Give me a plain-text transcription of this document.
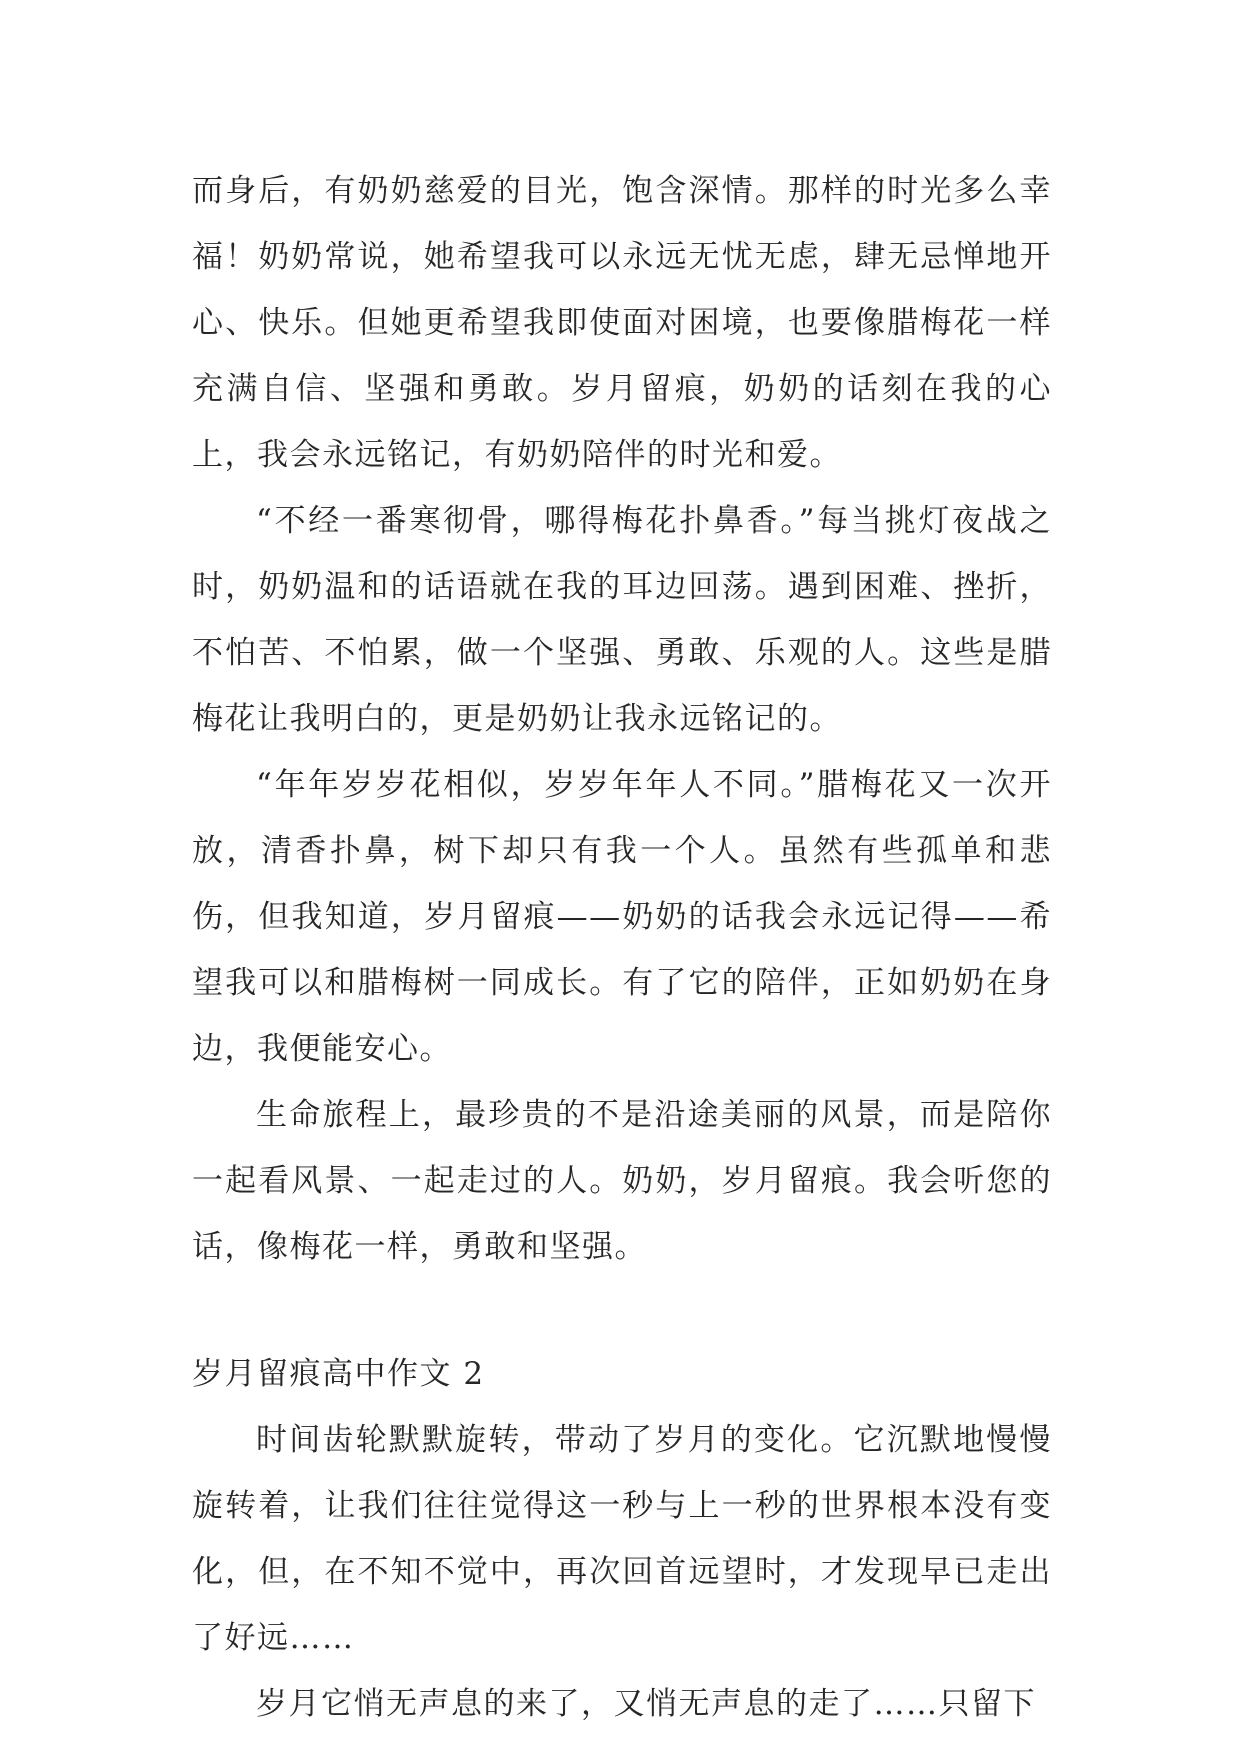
而身后，有奶奶慈爱的目光，饱含深情。那样的时光多么幸福！奶奶常说，她希望我可以永远无忧无虑，肆无忌惮地开心、快乐。但她更希望我即使面对困境，也要像腊梅花一样充满自信、坚强和勇敢。岁月留痕，奶奶的话刻在我的心上，我会永远铭记，有奶奶陪伴的时光和爱。

“不经一番寒彻骨，哪得梅花扑鼻香。”每当挑灯夜战之时，奶奶温和的话语就在我的耳边回荡。遇到困难、挫折，不怕苦、不怕累，做一个坚强、勇敢、乐观的人。这些是腊梅花让我明白的，更是奶奶让我永远铭记的。

“年年岁岁花相似，岁岁年年人不同。”腊梅花又一次开放，清香扑鼻，树下却只有我一个人。虽然有些孤单和悲伤，但我知道，岁月留痕——奶奶的话我会永远记得——希望我可以和腊梅树一同成长。有了它的陪伴，正如奶奶在身边，我便能安心。

生命旅程上，最珍贵的不是沿途美丽的风景，而是陪你一起看风景、一起走过的人。奶奶，岁月留痕。我会听您的话，像梅花一样，勇敢和坚强。

岁月留痕高中作文 2

时间齿轮默默旋转，带动了岁月的变化。它沉默地慢慢旋转着，让我们往往觉得这一秒与上一秒的世界根本没有变化，但，在不知不觉中，再次回首远望时，才发现早已走出了好远……

岁月它悄无声息的来了，又悄无声息的走了……只留下
